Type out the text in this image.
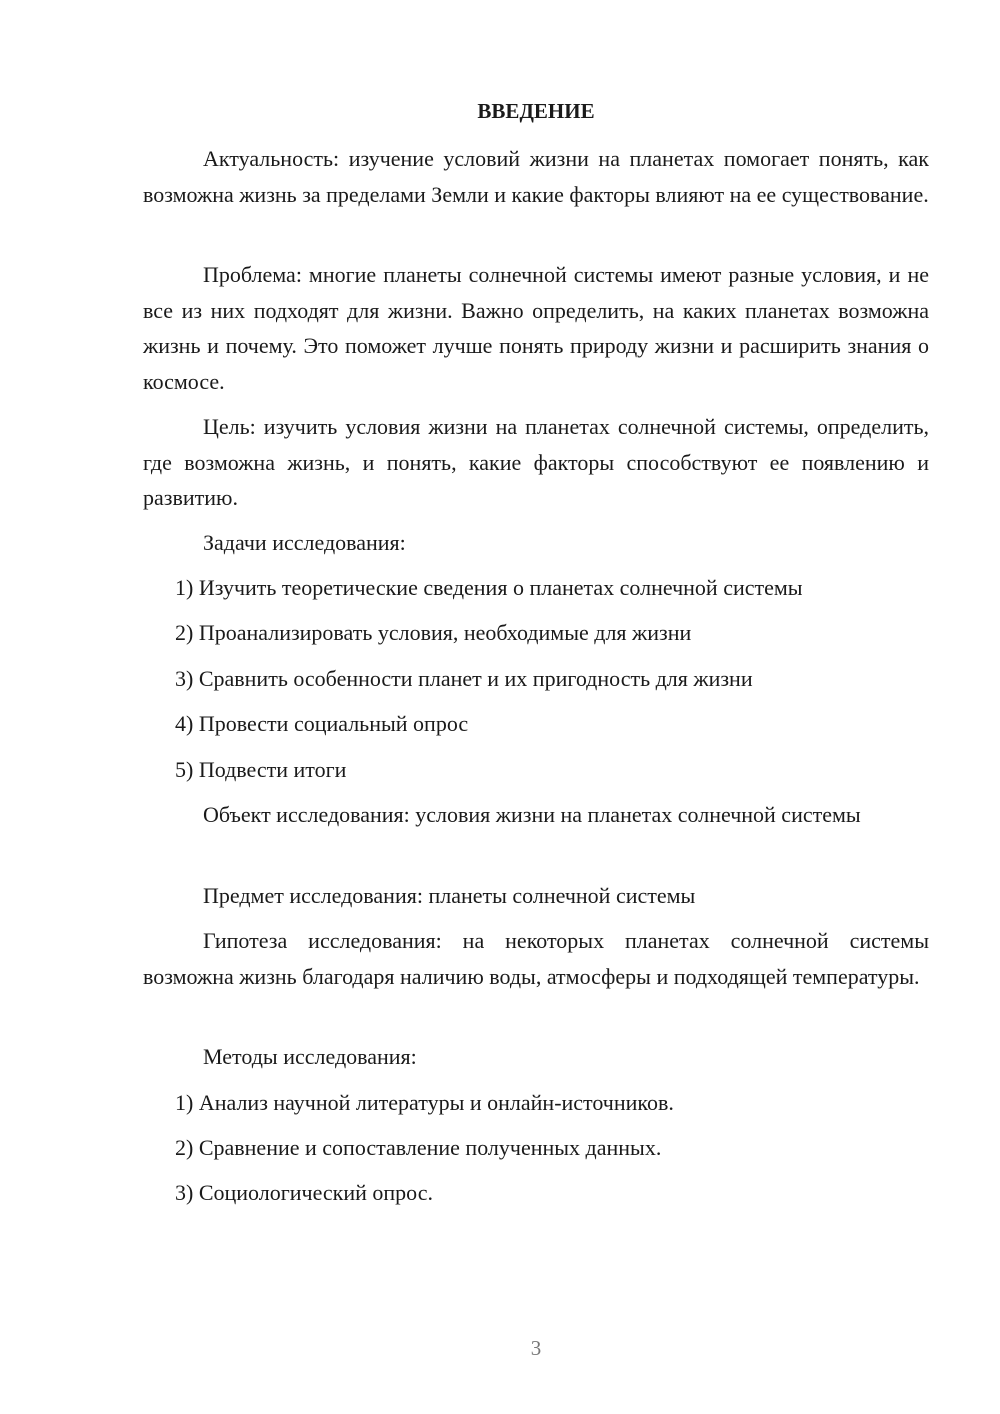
ВВЕДЕНИЕ

Актуальность: изучение условий жизни на планетах помогает понять, как возможна жизнь за пределами Земли и какие факторы влияют на ее существование.

Проблема: многие планеты солнечной системы имеют разные условия, и не все из них подходят для жизни. Важно определить, на каких планетах возможна жизнь и почему. Это поможет лучше понять природу жизни и расширить знания о космосе.

Цель: изучить условия жизни на планетах солнечной системы, определить, где возможна жизнь, и понять, какие факторы способствуют ее появлению и развитию.

Задачи исследования:

1) Изучить теоретические сведения о планетах солнечной системы

2) Проанализировать условия, необходимые для жизни

3) Сравнить особенности планет и их пригодность для жизни

4) Провести социальный опрос

5) Подвести итоги

Объект исследования: условия жизни на планетах солнечной системы

Предмет исследования: планеты солнечной системы

Гипотеза исследования: на некоторых планетах солнечной системы возможна жизнь благодаря наличию воды, атмосферы и подходящей температуры.

Методы исследования:

1) Анализ научной литературы и онлайн-источников.

2) Сравнение и сопоставление полученных данных.

3) Социологический опрос.

3
